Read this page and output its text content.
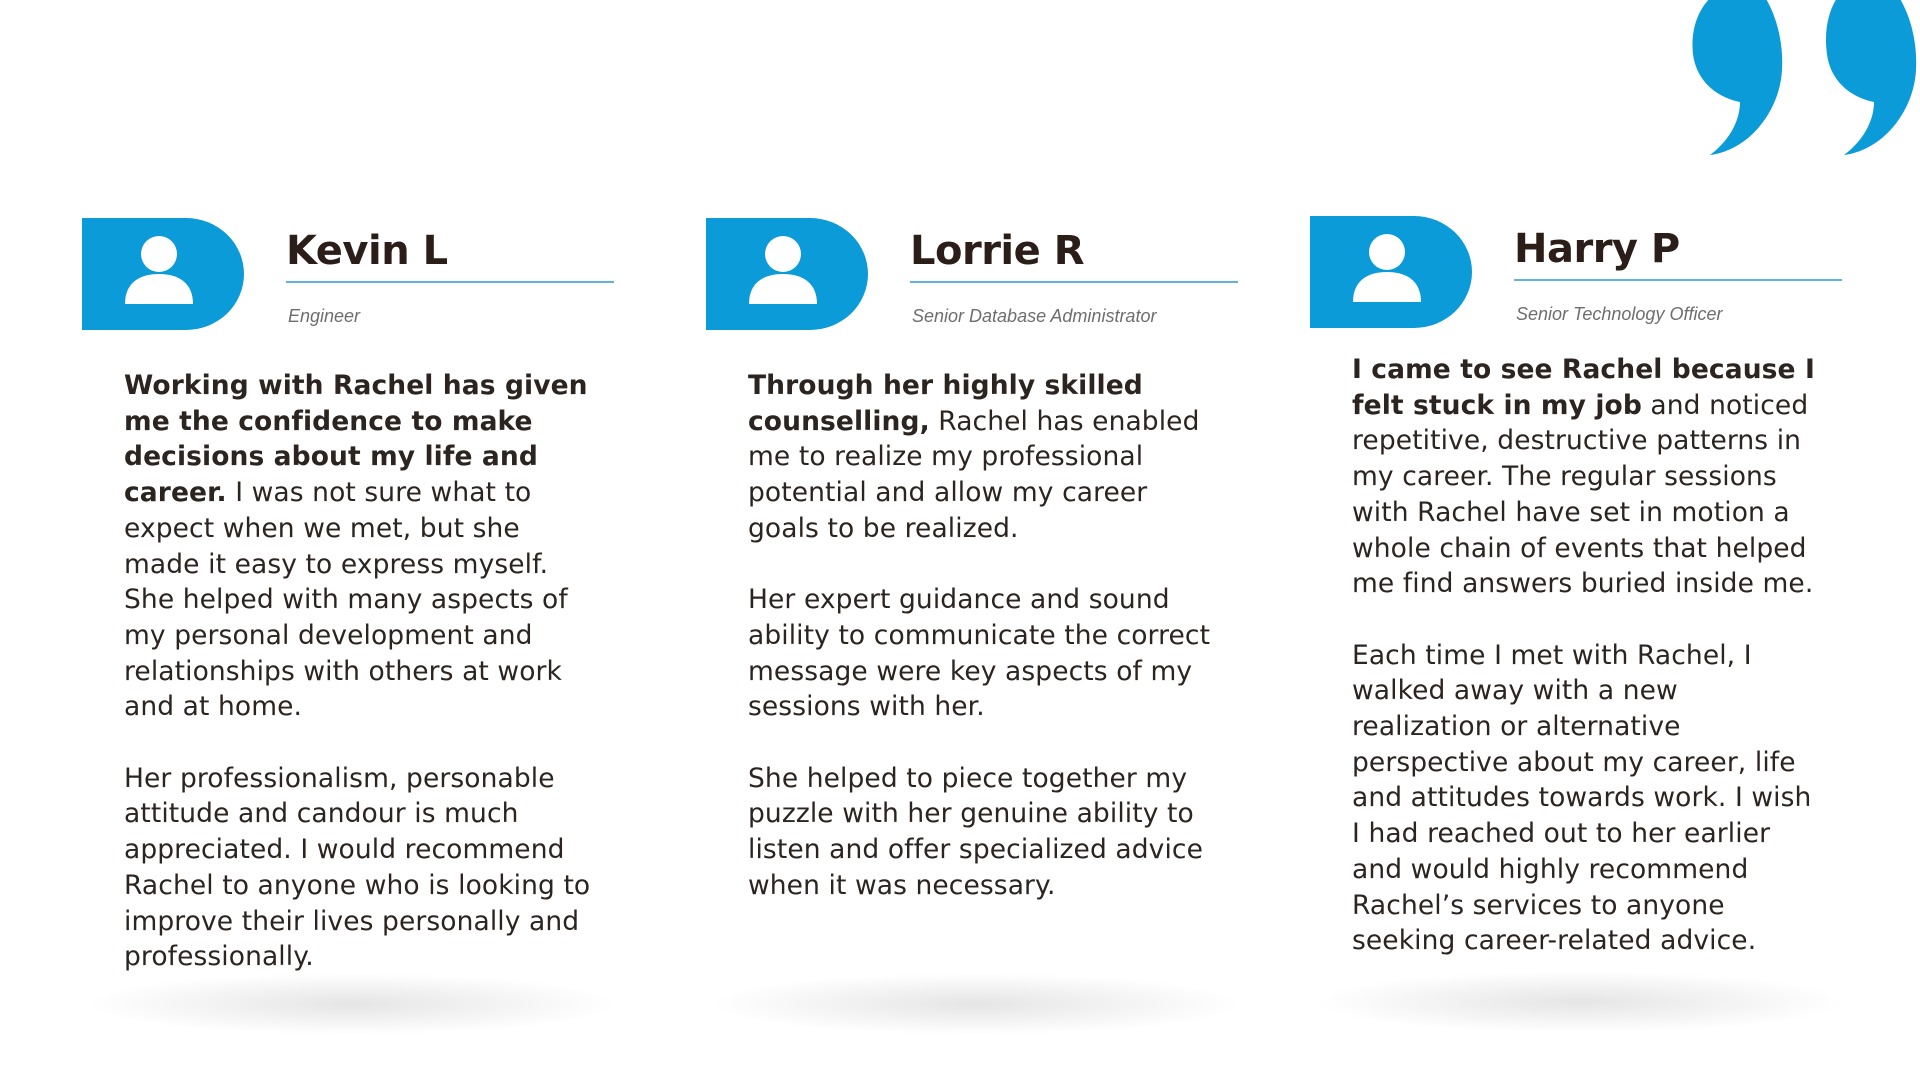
Kevin L
Engineer

Working with Rachel has given me the confidence to make decisions about my life and career. I was not sure what to expect when we met, but she made it easy to express myself. She helped with many aspects of my personal development and relationships with others at work and at home.

Her professionalism, personable attitude and candour is much appreciated. I would recommend Rachel to anyone who is looking to improve their lives personally and professionally.

Lorrie R
Senior Database Administrator

Through her highly skilled counselling, Rachel has enabled me to realize my professional potential and allow my career goals to be realized.

Her expert guidance and sound ability to communicate the correct message were key aspects of my sessions with her.

She helped to piece together my puzzle with her genuine ability to listen and offer specialized advice when it was necessary.

Harry P
Senior Technology Officer

I came to see Rachel because I felt stuck in my job and noticed repetitive, destructive patterns in my career. The regular sessions with Rachel have set in motion a whole chain of events that helped me find answers buried inside me.

Each time I met with Rachel, I walked away with a new realization or alternative perspective about my career, life and attitudes towards work. I wish I had reached out to her earlier and would highly recommend Rachel’s services to anyone seeking career-related advice.
